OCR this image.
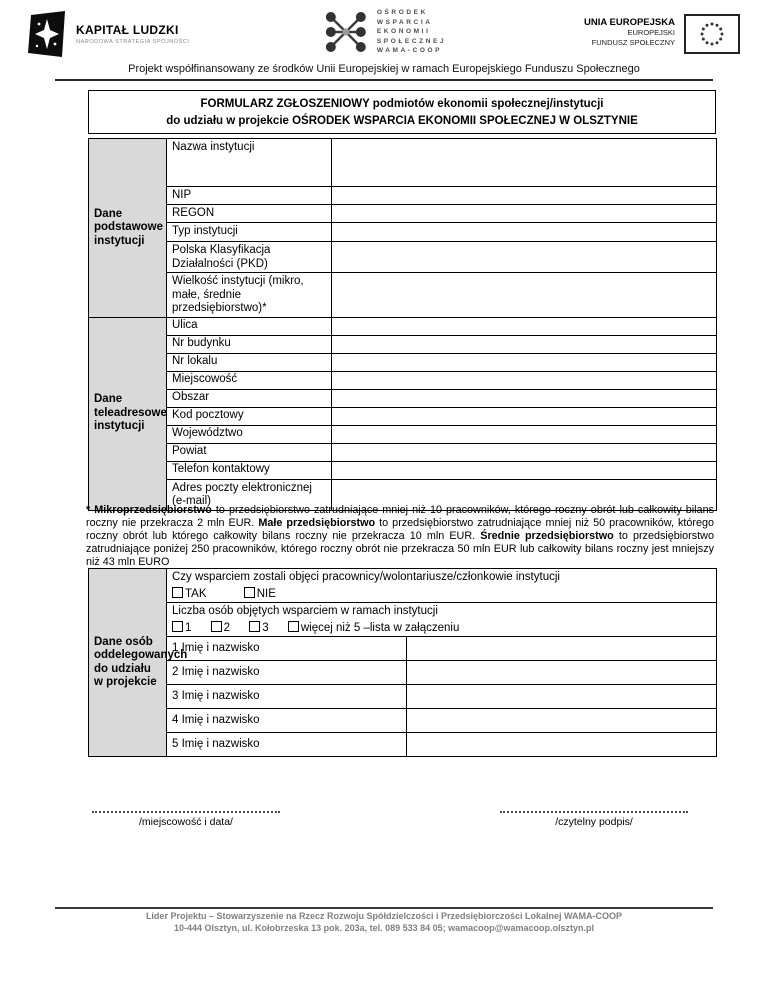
KAPITAŁ LUDZKI
NARODOWA STRATEGIA SPÓJNOŚCI
OŚRODEK
WSPARCIA
EKONOMII
SPOŁECZNEJ
WAMA-COOP
UNIA EUROPEJSKA
EUROPEJSKI
FUNDUSZ SPOŁECZNY
Projekt współfinansowany ze środków Unii Europejskiej w ramach Europejskiego Funduszu Społecznego
FORMULARZ ZGŁOSZENIOWY podmiotów ekonomii społecznej/instytucji
do udziału w projekcie OŚRODEK WSPARCIA EKONOMII SPOŁECZNEJ W OLSZTYNIE
Dane podstawowe instytucji	Nazwa instytucji	
	NIP	
	REGON	
	Typ instytucji	
	Polska Klasyfikacja Działalności (PKD)	
	Wielkość instytucji (mikro, małe, średnie przedsiębiorstwo)*	
Dane teleadresowe instytucji	Ulica	
	Nr budynku	
	Nr lokalu	
	Miejscowość	
	Obszar	
	Kod pocztowy	
	Województwo	
	Powiat	
	Telefon kontaktowy	
	Adres poczty elektronicznej (e-mail)	
* Mikroprzedsiębiorstwo to przedsiębiorstwo zatrudniające mniej niż 10 pracowników, którego roczny obrót lub całkowity bilans roczny nie przekracza 2 mln EUR. Małe przedsiębiorstwo to przedsiębiorstwo zatrudniające mniej niż 50 pracowników, którego roczny obrót lub którego całkowity bilans roczny nie przekracza 10 mln EUR. Średnie przedsiębiorstwo to przedsiębiorstwo zatrudniające poniżej 250 pracowników, którego roczny obrót nie przekracza 50 mln EUR lub całkowity bilans roczny jest mniejszy niż 43 mln EURO
Dane osób oddelegowanych do udziału w projekcie	Czy wsparciem zostali objęci pracownicy/wolontariusze/członkowie instytucji
TAK NIE	

	Liczba osób objętych wsparciem w ramach instytucji
1 2 3 więcej niż 5 –lista w załączeniu	

	1 Imię i nazwisko	
	2 Imię i nazwisko	
	3 Imię i nazwisko	
	4 Imię i nazwisko	
	5 Imię i nazwisko	
/miejscowość i data/	/czytelny podpis/
Lider Projektu – Stowarzyszenie na Rzecz Rozwoju Spółdzielczości i Przedsiębiorczości Lokalnej WAMA-COOP
10-444 Olsztyn, ul. Kołobrzeska 13 pok. 203a, tel. 089 533 84 05; wamacoop@wamacoop.olsztyn.pl
